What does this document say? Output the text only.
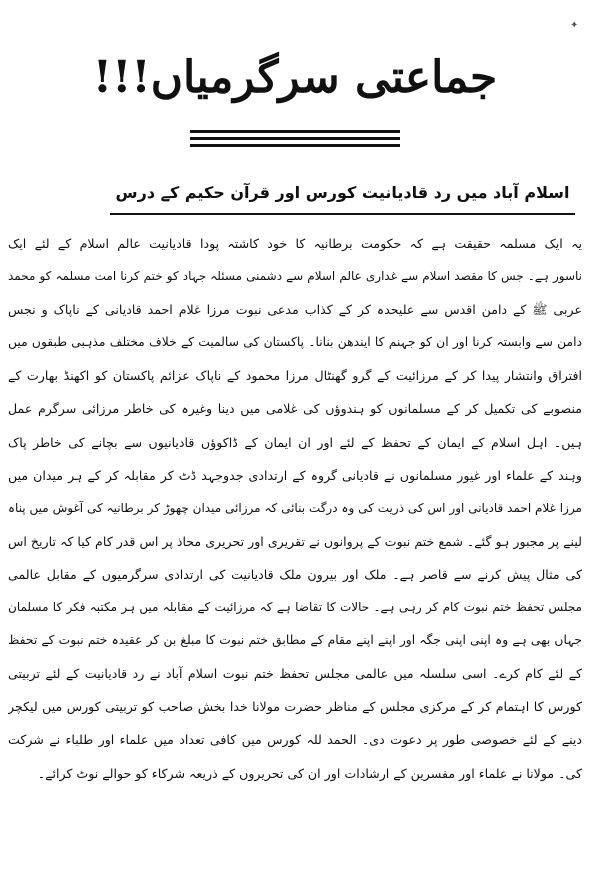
✦
جماعتی سرگرمیاں!!!
اسلام آباد میں رد قادیانیت کورس اور قرآن حکیم کے درس
یہ ایک مسلمہ حقیقت ہے کہ حکومت برطانیہ کا خود کاشتہ پودا قادیانیت عالم اسلام کے لئے ایک
ناسور ہے۔ جس کا مقصد اسلام سے غداری عالم اسلام سے دشمنی مسئلہ جہاد کو ختم کرنا امت مسلمہ کو محمد
عربی ﷺ کے دامن اقدس سے علیحدہ کر کے کذاب مدعی نبوت مرزا غلام احمد قادیانی کے ناپاک و نجس
دامن سے وابستہ کرنا اور ان کو جہنم کا ایندھن بنانا۔ پاکستان کی سالمیت کے خلاف مختلف مذہبی طبقوں میں
افتراق وانتشار پیدا کر کے مرزائیت کے گرو گھنٹال مرزا محمود کے ناپاک عزائم پاکستان کو اکھنڈ بھارت کے
منصوبے کی تکمیل کر کے مسلمانوں کو ہندوؤں کی غلامی میں دینا وغیرہ کی خاطر مرزائی سرگرم عمل
ہیں۔ اہل اسلام کے ایمان کے تحفظ کے لئے اور ان ایمان کے ڈاکوؤں قادیانیوں سے بچانے کی خاطر پاک
وہند کے علماء اور غیور مسلمانوں نے قادیانی گروہ کے ارتدادی جدوجہد ڈٹ کر مقابلہ کر کے ہر میدان میں
مرزا غلام احمد قادیانی اور اس کی ذریت کی وہ درگت بنائی کہ مرزائی میدان چھوڑ کر برطانیہ کی آغوش میں پناہ
لینے پر مجبور ہو گئے۔ شمع ختم نبوت کے پروانوں نے تقریری اور تحریری محاذ پر اس قدر کام کیا کہ تاریخ اس
کی مثال پیش کرنے سے قاصر ہے۔ ملک اور بیرون ملک قادیانیت کی ارتدادی سرگرمیوں کے مقابل عالمی
مجلس تحفظ ختم نبوت کام کر رہی ہے۔ حالات کا تقاضا ہے کہ مرزائیت کے مقابلہ میں ہر مکتبہ فکر کا مسلمان
جہاں بھی ہے وہ اپنی اپنی جگہ اور اپنے اپنے مقام کے مطابق ختم نبوت کا مبلغ بن کر عقیدہ ختم نبوت کے تحفظ
کے لئے کام کرے۔ اسی سلسلہ میں عالمی مجلس تحفظ ختم نبوت اسلام آباد نے رد قادیانیت کے لئے تربیتی
کورس کا اہتمام کر کے مرکزی مجلس کے مناظر حضرت مولانا خدا بخش صاحب کو تربیتی کورس میں لیکچر
دینے کے لئے خصوصی طور پر دعوت دی۔ الحمد للہ کورس میں کافی تعداد میں علماء اور طلباء نے شرکت
کی۔ مولانا نے علماء اور مفسرین کے ارشادات اور ان کی تحریروں کے ذریعہ شرکاء کو حوالے نوٹ کرائے۔
